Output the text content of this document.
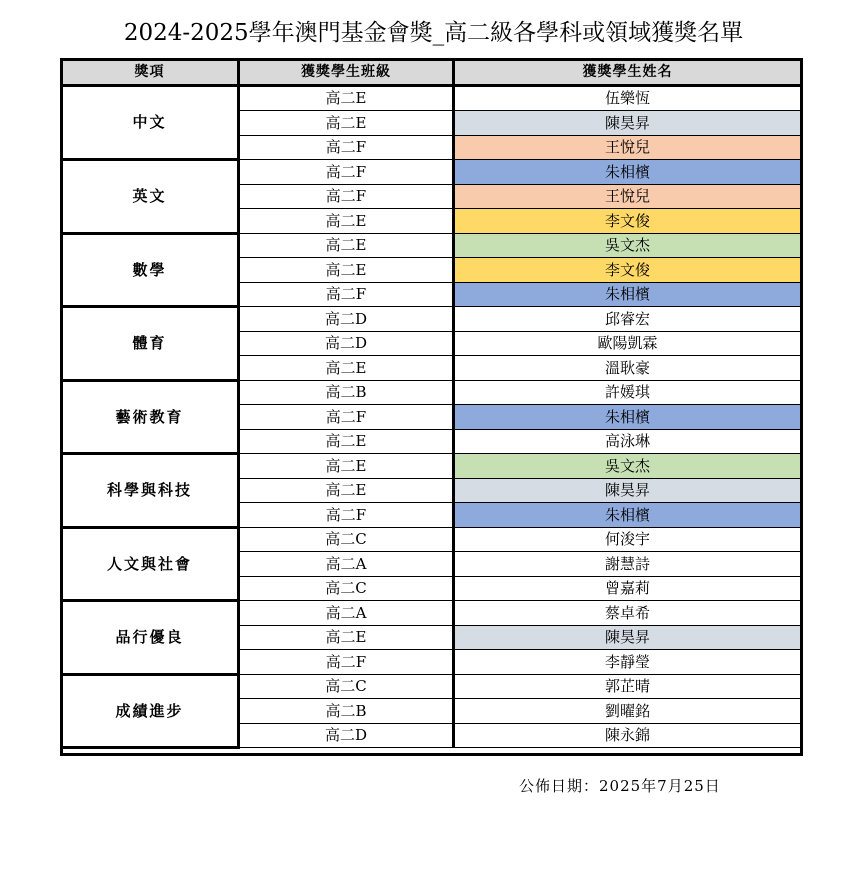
2024-2025學年澳門基金會獎_高二級各學科或領域獲獎名單
獎項	獲獎學生班級	獲獎學生姓名
中文	高二E	伍樂恆
	高二E	陳昊昇
	高二F	王悅兒
英文	高二F	朱相檳
	高二F	王悅兒
	高二E	李文俊
數學	高二E	吳文杰
	高二E	李文俊
	高二F	朱相檳
體育	高二D	邱睿宏
	高二D	歐陽凱霖
	高二E	溫耿豪
藝術教育	高二B	許媛琪
	高二F	朱相檳
	高二E	高泳琳
科學與科技	高二E	吳文杰
	高二E	陳昊昇
	高二F	朱相檳
人文與社會	高二C	何浚宇
	高二A	謝慧詩
	高二C	曾嘉莉
品行優良	高二A	蔡卓希
	高二E	陳昊昇
	高二F	李靜瑩
成績進步	高二C	郭芷晴
	高二B	劉曜銘
	高二D	陳永錦
公佈日期：2025年7月25日
